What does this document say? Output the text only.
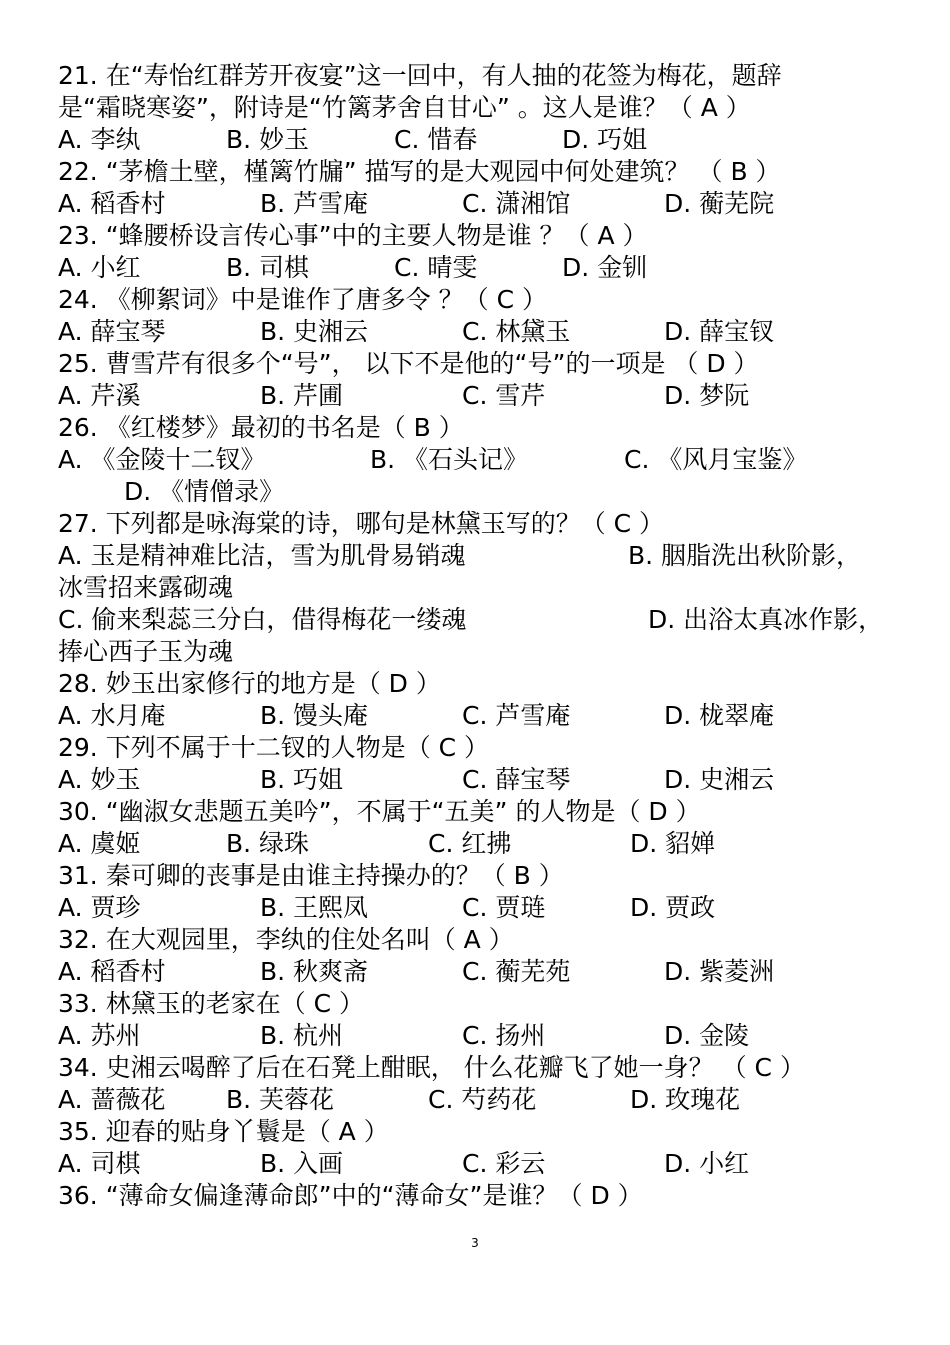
21. 在“寿怡红群芳开夜宴”这一回中，有人抽的花签为梅花，题辞
是“霜晓寒姿”，附诗是“竹篱茅舍自甘心” 。这人是谁？（ A ）
A. 李纨	B. 妙玉	C. 惜春	D. 巧姐
22. “茅檐土壁，槿篱竹牖” 描写的是大观园中何处建筑？ （ B ）
A. 稻香村	B. 芦雪庵	C. 潇湘馆	D. 蘅芜院
23. “蜂腰桥设言传心事”中的主要人物是谁 ？（ A ）
A. 小红	B. 司棋	C. 晴雯	D. 金钏
24. 《柳絮词》中是谁作了唐多令 ？（ C ）
A. 薛宝琴	B. 史湘云	C. 林黛玉	D. 薛宝钗
25. 曹雪芹有很多个“号”， 以下不是他的“号”的一项是 （ D ）
A. 芹溪	B. 芹圃	C. 雪芹	D. 梦阮
26. 《红楼梦》最初的书名是（ B ）
A. 《金陵十二钗》	B. 《石头记》	C. 《风月宝鉴》
D. 《情僧录》
27. 下列都是咏海棠的诗，哪句是林黛玉写的？（ C ）
A. 玉是精神难比洁，雪为肌骨易销魂	B. 胭脂洗出秋阶影，
冰雪招来露砌魂
C. 偷来梨蕊三分白，借得梅花一缕魂	D. 出浴太真冰作影，
捧心西子玉为魂
28. 妙玉出家修行的地方是（ D ）
A. 水月庵	B. 馒头庵	C. 芦雪庵	D. 栊翠庵
29. 下列不属于十二钗的人物是（ C ）
A. 妙玉	B. 巧姐	C. 薛宝琴	D. 史湘云
30. “幽淑女悲题五美吟”，不属于“五美” 的人物是（ D ）
A. 虞姬	B. 绿珠	C. 红拂	D. 貂婵
31. 秦可卿的丧事是由谁主持操办的？（ B ）
A. 贾珍	B. 王熙凤	C. 贾琏	D. 贾政
32. 在大观园里，李纨的住处名叫（ A ）
A. 稻香村	B. 秋爽斋	C. 蘅芜苑	D. 紫菱洲
33. 林黛玉的老家在（ C ）
A. 苏州	B. 杭州	C. 扬州	D. 金陵
34. 史湘云喝醉了后在石凳上酣眠， 什么花瓣飞了她一身？ （ C ）
A. 蔷薇花 B. 芙蓉花	C. 芍药花	D. 玫瑰花
35. 迎春的贴身丫鬟是（ A ）
A. 司棋	B. 入画	C. 彩云	D. 小红
36. “薄命女偏逢薄命郎”中的“薄命女”是谁？（ D ）
3
